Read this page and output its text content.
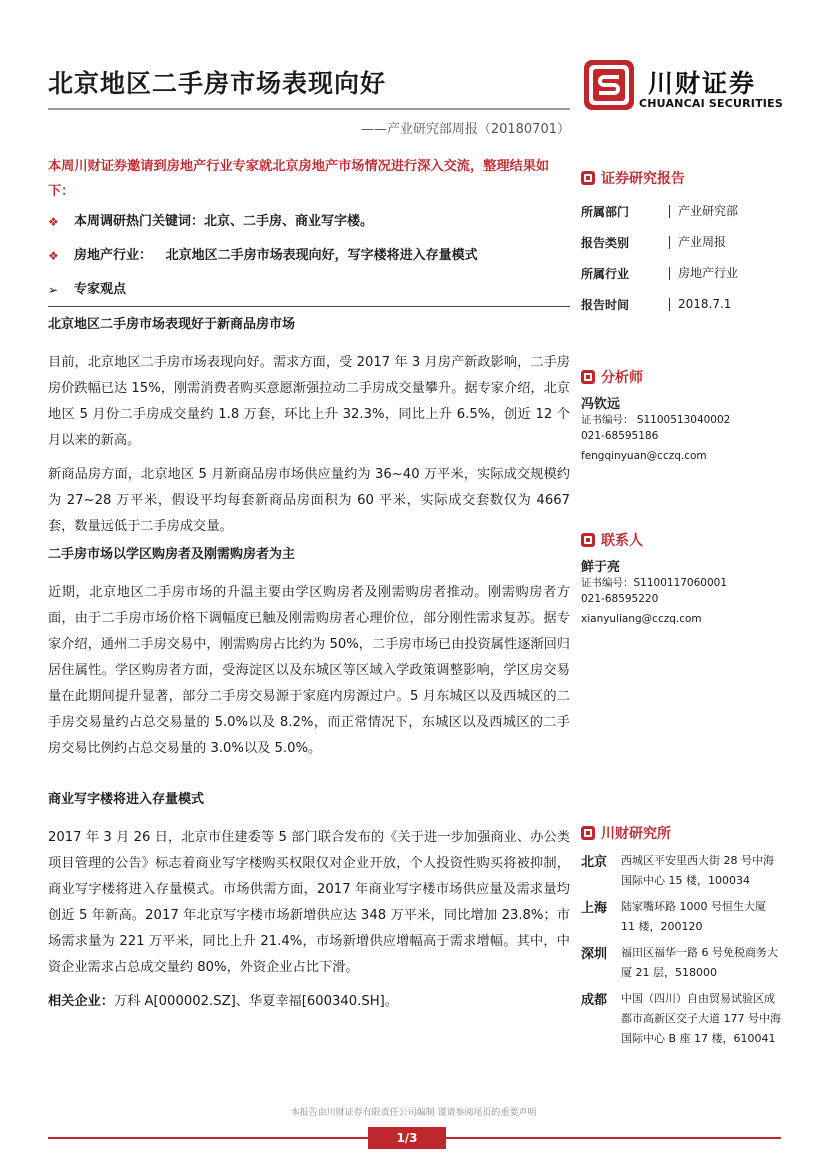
北京地区二手房市场表现向好
——产业研究部周报（20180701）
川财证券
CHUANCAI SECURITIES
本周川财证券邀请到房地产行业专家就北京房地产市场情况进行深入交流，整理结果如下：
❖	本周调研热门关键词：北京、二手房、商业写字楼。
❖	房地产行业：   北京地区二手房市场表现向好，写字楼将进入存量模式
➢	专家观点
北京地区二手房市场表现好于新商品房市场
目前，北京地区二手房市场表现向好。需求方面，受 2017 年 3 月房产新政影响，二手房房价跌幅已达 15%，刚需消费者购买意愿渐强拉动二手房成交量攀升。据专家介绍，北京地区 5 月份二手房成交量约 1.8 万套，环比上升 32.3%，同比上升 6.5%，创近 12 个月以来的新高。
新商品房方面，北京地区 5 月新商品房市场供应量约为 36~40 万平米，实际成交规模约为 27~28 万平米，假设平均每套新商品房面积为 60 平米，实际成交套数仅为 4667 套，数量远低于二手房成交量。
二手房市场以学区购房者及刚需购房者为主
近期，北京地区二手房市场的升温主要由学区购房者及刚需购房者推动。刚需购房者方面，由于二手房市场价格下调幅度已触及刚需购房者心理价位，部分刚性需求复苏。据专家介绍，通州二手房交易中，刚需购房占比约为 50%，二手房市场已由投资属性逐渐回归居住属性。学区购房者方面，受海淀区以及东城区等区域入学政策调整影响，学区房交易量在此期间提升显著，部分二手房交易源于家庭内房源过户。5 月东城区以及西城区的二手房交易量约占总交易量的 5.0%以及 8.2%，而正常情况下，东城区以及西城区的二手房交易比例约占总交易量的 3.0%以及 5.0%。
商业写字楼将进入存量模式
2017 年 3 月 26 日，北京市住建委等 5 部门联合发布的《关于进一步加强商业、办公类项目管理的公告》标志着商业写字楼购买权限仅对企业开放，个人投资性购买将被抑制，商业写字楼将进入存量模式。市场供需方面，2017 年商业写字楼市场供应量及需求量均创近 5 年新高。2017 年北京写字楼市场新增供应达 348 万平米，同比增加 23.8%；市场需求量为 221 万平米，同比上升 21.4%，市场新增供应增幅高于需求增幅。其中，中资企业需求占总成交量约 80%，外资企业占比下滑。
相关企业：万科 A[000002.SZ]、华夏幸福[600340.SH]。
证券研究报告
所属部门	产业研究部
报告类别	产业周报
所属行业	房地产行业
报告时间	2018.7.1
分析师
冯钦远
证书编号： S1100513040002
021-68595186
fengqinyuan@cczq.com
联系人
鲜于亮
证书编号：S1100117060001
021-68595220
xianyuliang@cczq.com
川财研究所
北京	西城区平安里西大街 28 号中海国际中心 15 楼，100034
上海	陆家嘴环路 1000 号恒生大厦 11 楼，200120
深圳	福田区福华一路 6 号免税商务大厦 21 层，518000
成都	中国（四川）自由贸易试验区成都市高新区交子大道 177 号中海国际中心 B 座 17 楼，610041
本报告由川财证券有限责任公司编制 谨请参阅尾页的重要声明
1/3
